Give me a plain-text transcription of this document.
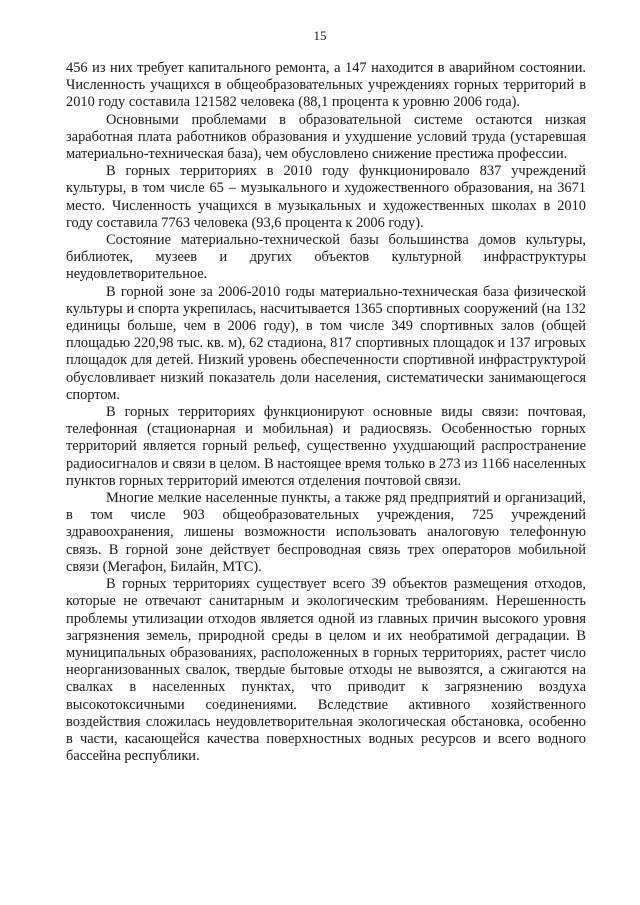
15

456 из них требует капитального ремонта, а 147 находится в аварийном состоянии. Численность учащихся в общеобразовательных учреждениях горных территорий в 2010 году составила 121582 человека (88,1 процента к уровню 2006 года).

Основными проблемами в образовательной системе остаются низкая заработная плата работников образования и ухудшение условий труда (устаревшая материально-техническая база), чем обусловлено снижение престижа профессии.

В горных территориях в 2010 году функционировало 837 учреждений культуры, в том числе 65 – музыкального и художественного образования, на 3671 место. Численность учащихся в музыкальных и художественных школах в 2010 году составила 7763 человека (93,6 процента к 2006 году).

Состояние материально-технической базы большинства домов культуры, библиотек, музеев и других объектов культурной инфраструктуры неудовлетворительное.

В горной зоне за 2006-2010 годы материально-техническая база физической культуры и спорта укрепилась, насчитывается 1365 спортивных сооружений (на 132 единицы больше, чем в 2006 году), в том числе 349 спортивных залов (общей площадью 220,98 тыс. кв. м), 62 стадиона, 817 спортивных площадок и 137 игровых площадок для детей. Низкий уровень обеспеченности спортивной инфраструктурой обусловливает низкий показатель доли населения, систематически занимающегося спортом.

В горных территориях функционируют основные виды связи: почтовая, телефонная (стационарная и мобильная) и радиосвязь. Особенностью горных территорий является горный рельеф, существенно ухудшающий распространение радиосигналов и связи в целом. В настоящее время только в 273 из 1166 населенных пунктов горных территорий имеются отделения почтовой связи.

Многие мелкие населенные пункты, а также ряд предприятий и организаций, в том числе 903 общеобразовательных учреждения, 725 учреждений здравоохранения, лишены возможности использовать аналоговую телефонную связь. В горной зоне действует беспроводная связь трех операторов мобильной связи (Мегафон, Билайн, МТС).

В горных территориях существует всего 39 объектов размещения отходов, которые не отвечают санитарным и экологическим требованиям. Нерешенность проблемы утилизации отходов является одной из главных причин высокого уровня загрязнения земель, природной среды в целом и их необратимой деградации. В муниципальных образованиях, расположенных в горных территориях, растет число неорганизованных свалок, твердые бытовые отходы не вывозятся, а сжигаются на свалках в населенных пунктах, что приводит к загрязнению воздуха высокотоксичными соединениями. Вследствие активного хозяйственного воздействия сложилась неудовлетворительная экологическая обстановка, особенно в части, касающейся качества поверхностных водных ресурсов и всего водного бассейна республики.
